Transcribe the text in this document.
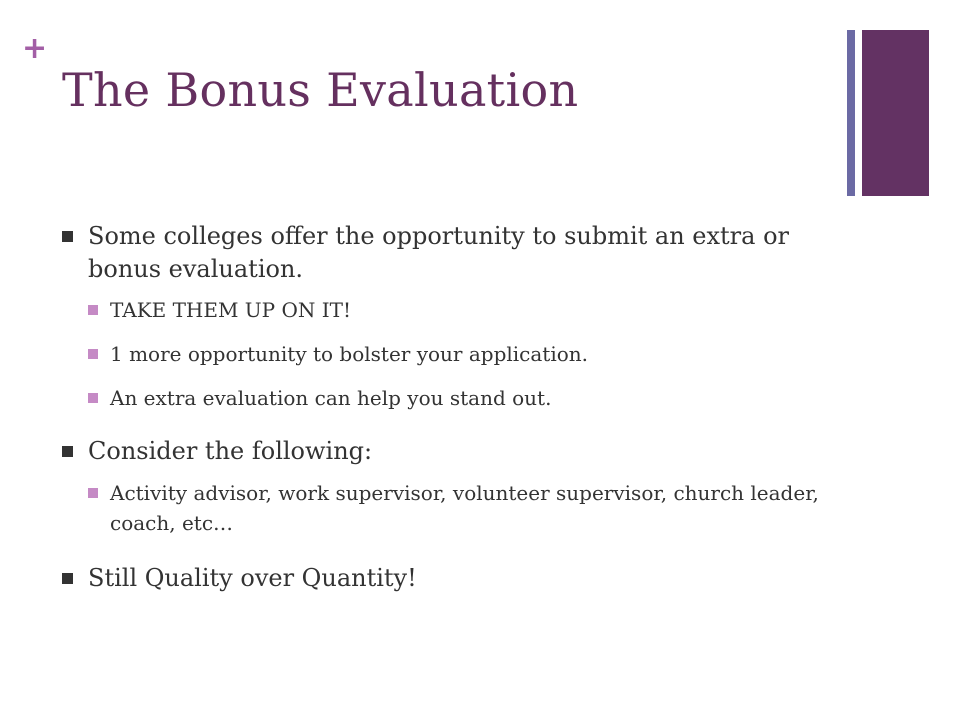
+
The Bonus Evaluation
Some colleges offer the opportunity to submit an extra or bonus evaluation.
TAKE THEM UP ON IT!
1 more opportunity to bolster your application.
An extra evaluation can help you stand out.
Consider the following:
Activity advisor, work supervisor, volunteer supervisor, church leader, coach, etc…
Still Quality over Quantity!
